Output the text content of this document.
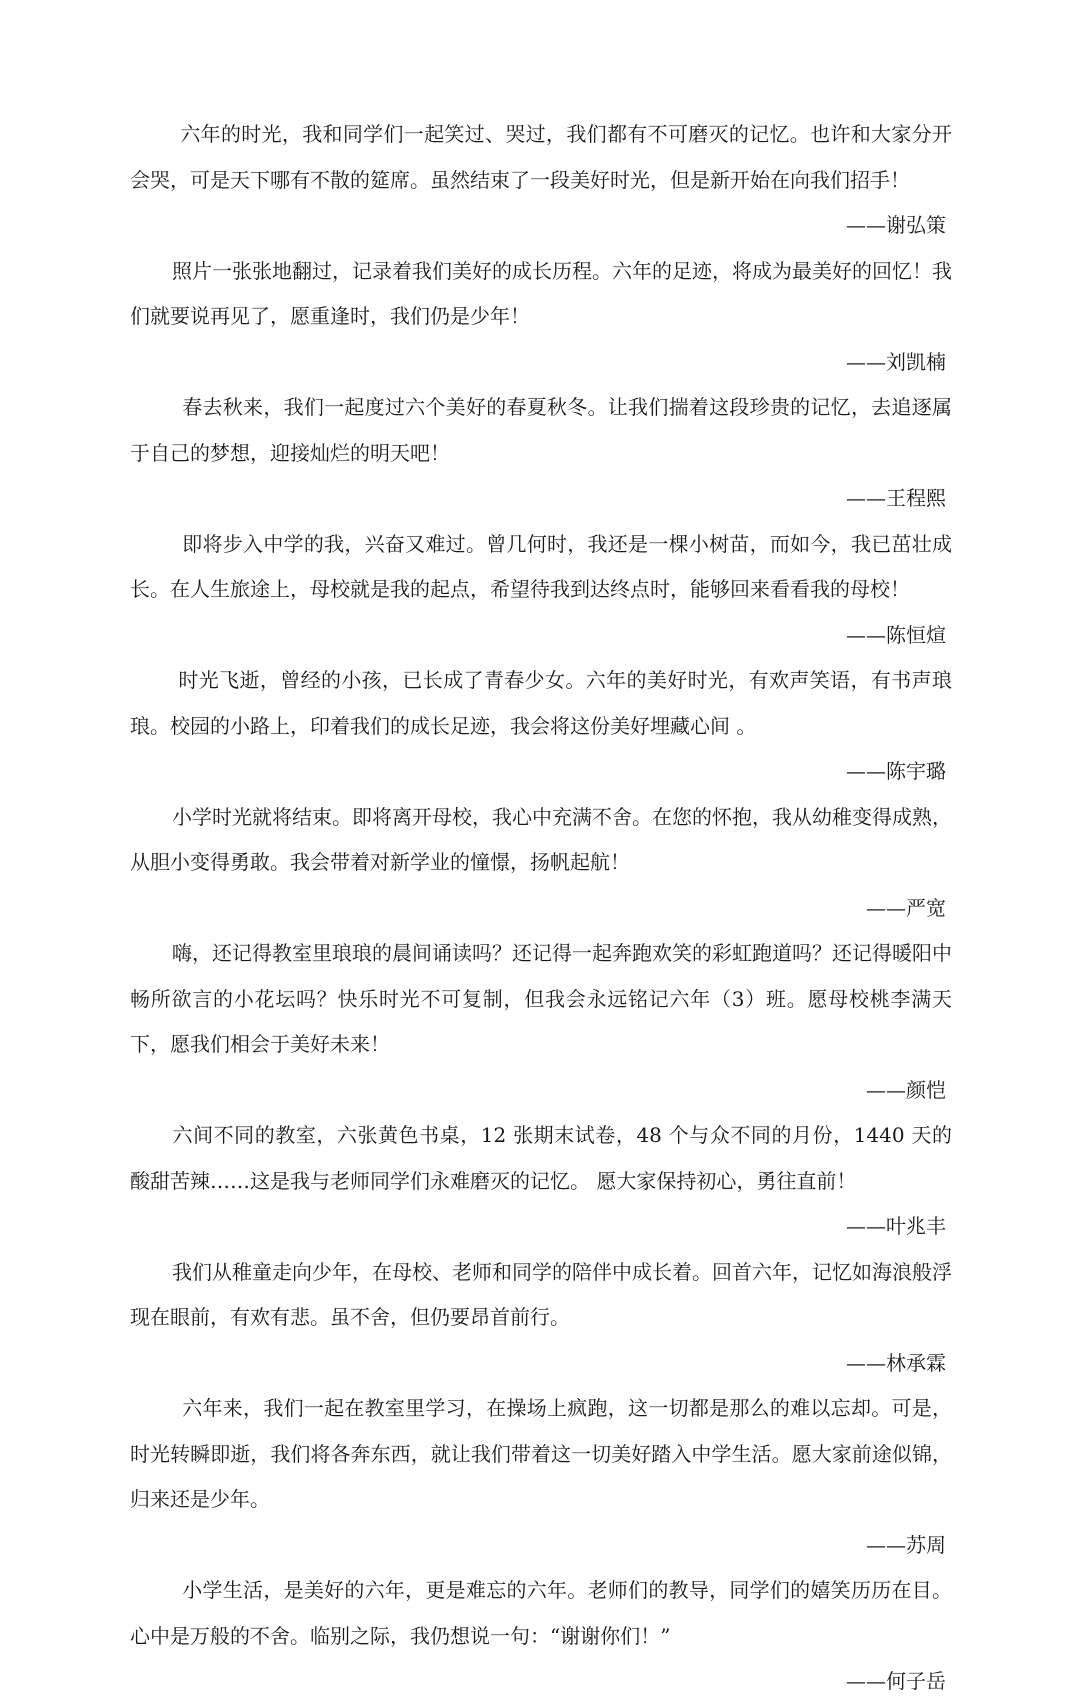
六年的时光，我和同学们一起笑过、哭过，我们都有不可磨灭的记忆。也许和大家分开会哭，可是天下哪有不散的筵席。虽然结束了一段美好时光，但是新开始在向我们招手！
——谢弘策

照片一张张地翻过，记录着我们美好的成长历程。六年的足迹，将成为最美好的回忆！我们就要说再见了，愿重逢时，我们仍是少年！
——刘凯楠

春去秋来，我们一起度过六个美好的春夏秋冬。让我们揣着这段珍贵的记忆，去追逐属于自己的梦想，迎接灿烂的明天吧！
——王程熙

即将步入中学的我，兴奋又难过。曾几何时，我还是一棵小树苗，而如今，我已茁壮成长。在人生旅途上，母校就是我的起点，希望待我到达终点时，能够回来看看我的母校！
——陈恒煊

时光飞逝，曾经的小孩，已长成了青春少女。六年的美好时光，有欢声笑语，有书声琅琅。校园的小路上，印着我们的成长足迹，我会将这份美好埋藏心间 。
——陈宇璐

小学时光就将结束。即将离开母校，我心中充满不舍。在您的怀抱，我从幼稚变得成熟，从胆小变得勇敢。我会带着对新学业的憧憬，扬帆起航！
——严宽

嗨，还记得教室里琅琅的晨间诵读吗？还记得一起奔跑欢笑的彩虹跑道吗？还记得暖阳中畅所欲言的小花坛吗？快乐时光不可复制，但我会永远铭记六年（3）班。愿母校桃李满天下，愿我们相会于美好未来！
——颜恺

六间不同的教室，六张黄色书桌，12 张期末试卷，48 个与众不同的月份，1440 天的酸甜苦辣……这是我与老师同学们永难磨灭的记忆。 愿大家保持初心，勇往直前！
——叶兆丰

我们从稚童走向少年，在母校、老师和同学的陪伴中成长着。回首六年，记忆如海浪般浮现在眼前，有欢有悲。虽不舍，但仍要昂首前行。
——林承霖

六年来，我们一起在教室里学习，在操场上疯跑，这一切都是那么的难以忘却。可是，时光转瞬即逝，我们将各奔东西，就让我们带着这一切美好踏入中学生活。愿大家前途似锦，归来还是少年。
——苏周

小学生活，是美好的六年，更是难忘的六年。老师们的教导，同学们的嬉笑历历在目。心中是万般的不舍。临别之际，我仍想说一句：“谢谢你们！”
——何子岳
